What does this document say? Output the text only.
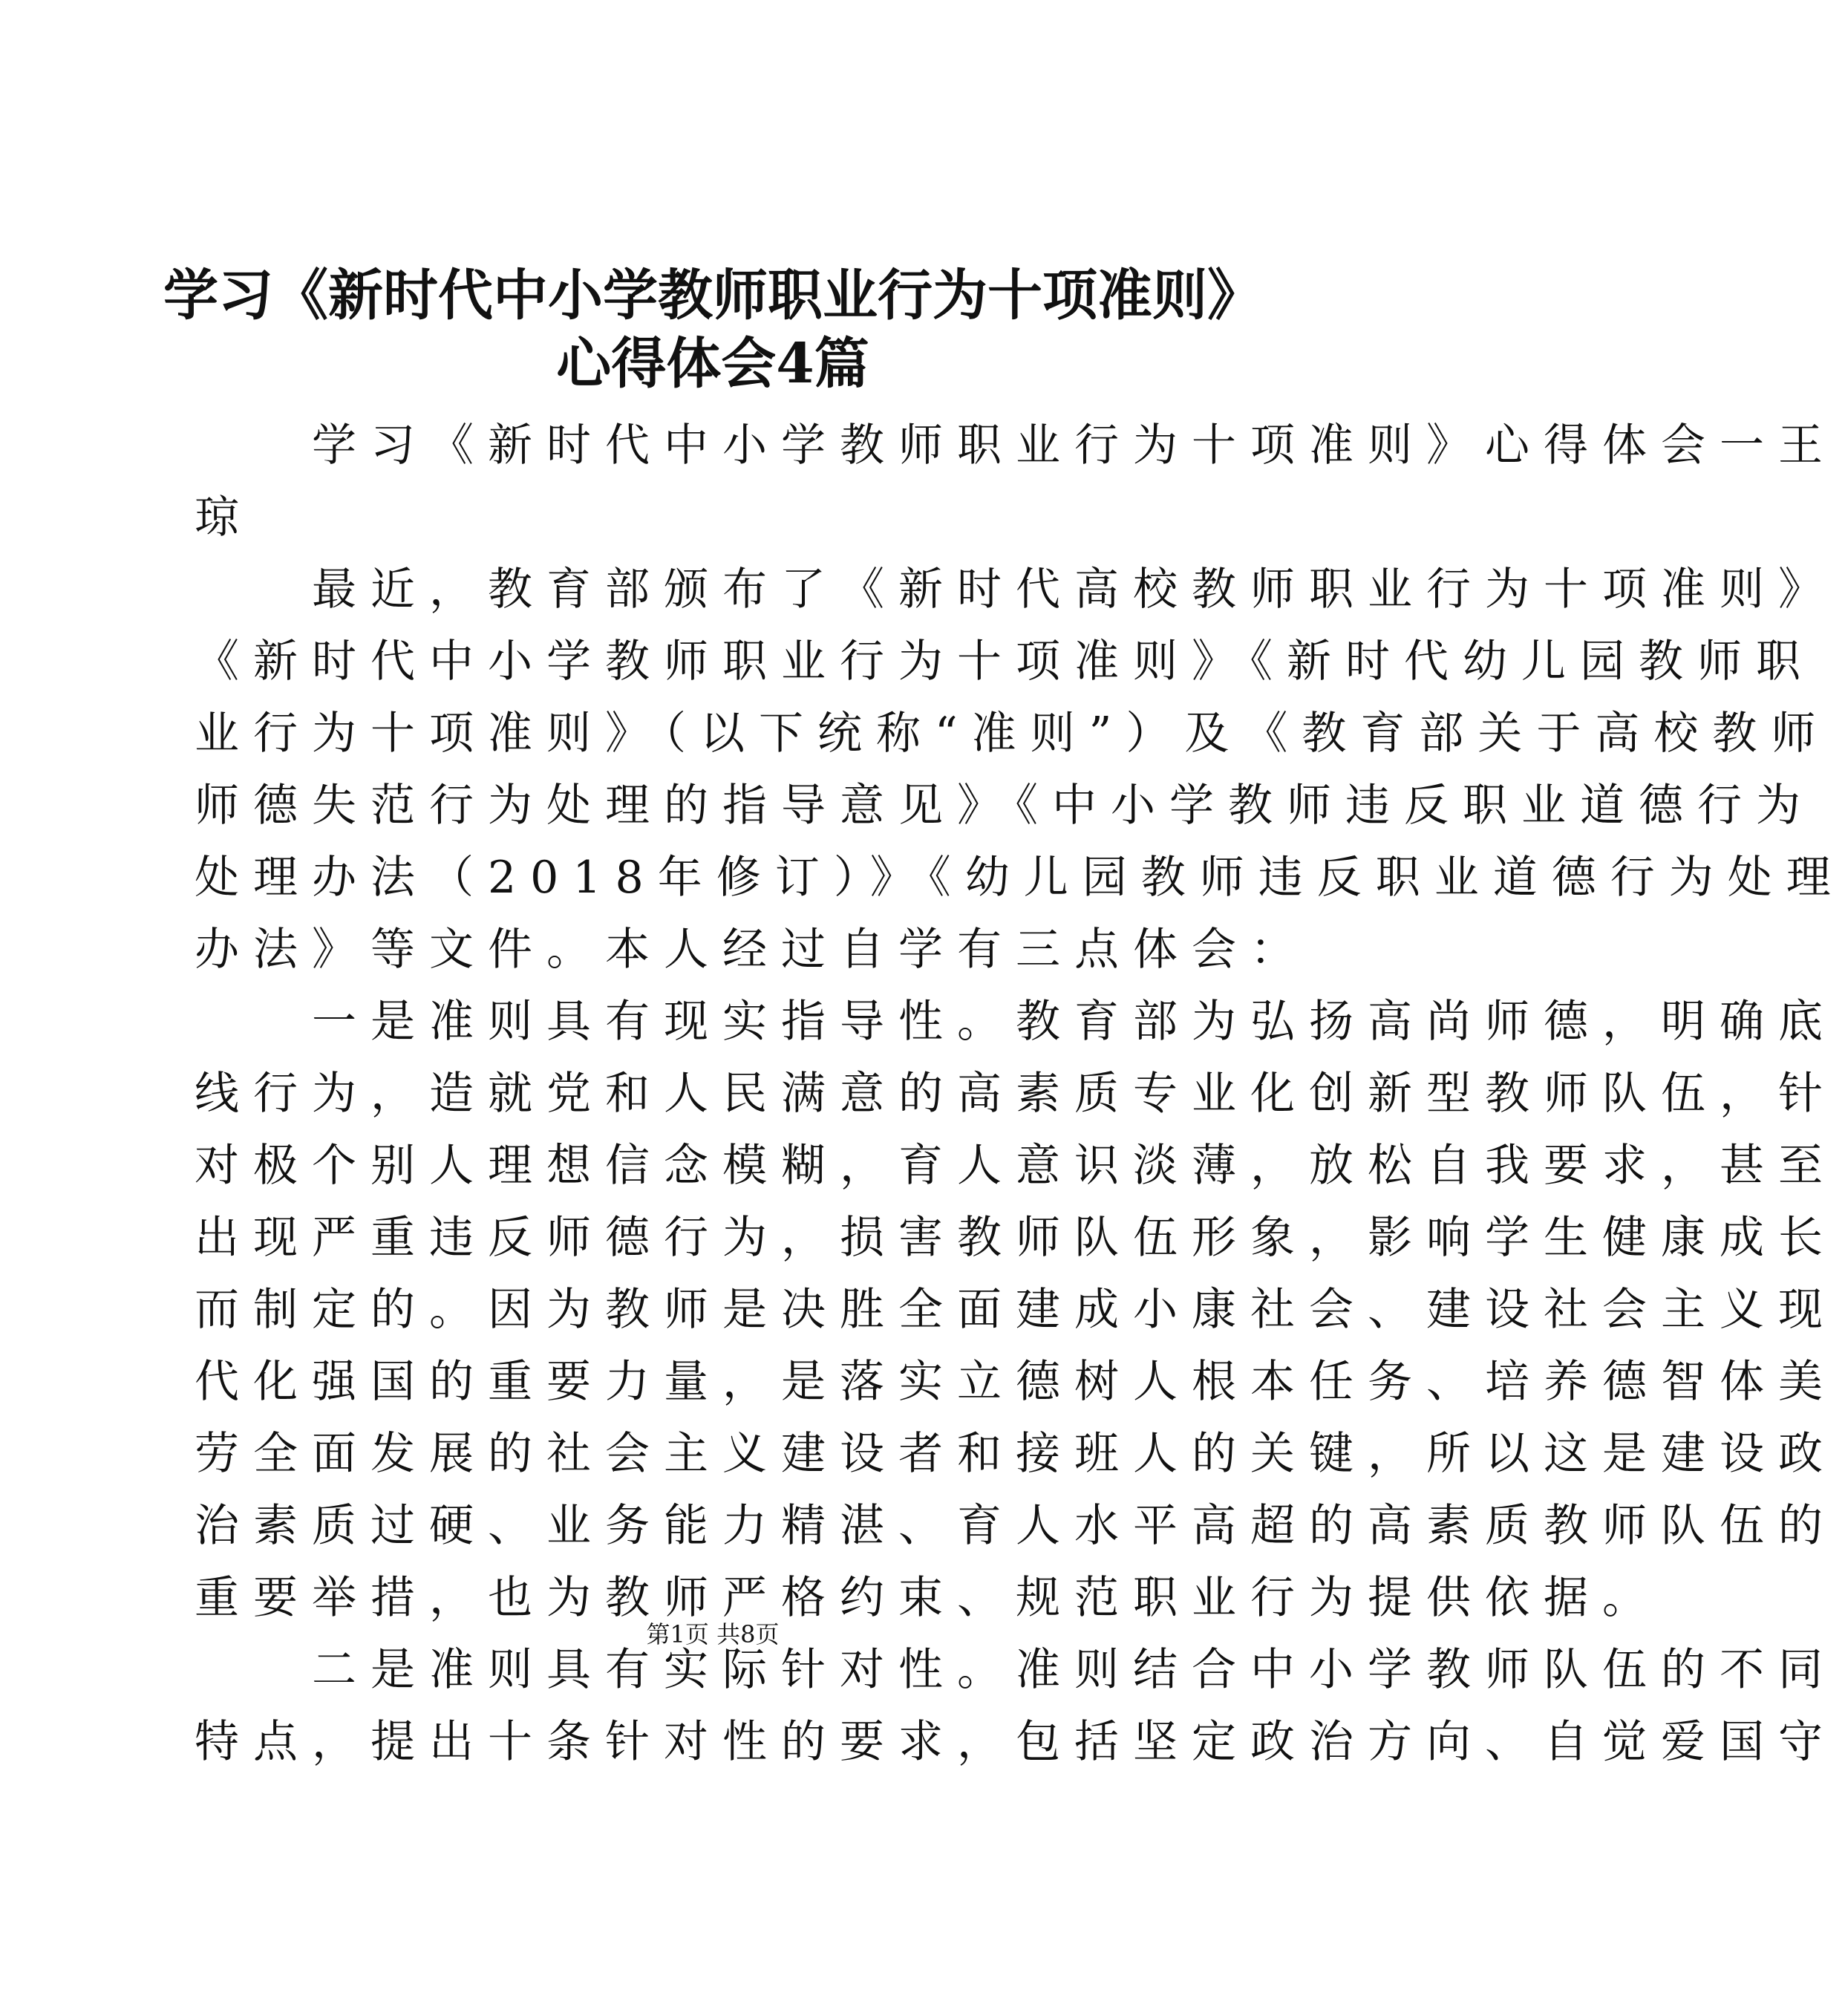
学习《新时代中小学教师职业行为十项准则》
心得体会4篇
学习《新时代中小学教师职业行为十项准则》心得体会一王
琼
最近，教育部颁布了《新时代高校教师职业行为十项准则》
《新时代中小学教师职业行为十项准则》《新时代幼儿园教师职
业行为十项准则》（以下统称“准则”）及《教育部关于高校教师
师德失范行为处理的指导意见》《中小学教师违反职业道德行为
处理办法（2018年修订）》《幼儿园教师违反职业道德行为处理
办法》等文件。本人经过自学有三点体会：
一是准则具有现实指导性。教育部为弘扬高尚师德，明确底
线行为，造就党和人民满意的高素质专业化创新型教师队伍，针
对极个别人理想信念模糊，育人意识淡薄，放松自我要求，甚至
出现严重违反师德行为，损害教师队伍形象，影响学生健康成长
而制定的。因为教师是决胜全面建成小康社会、建设社会主义现
代化强国的重要力量，是落实立德树人根本任务、培养德智体美
劳全面发展的社会主义建设者和接班人的关键，所以这是建设政
治素质过硬、业务能力精湛、育人水平高超的高素质教师队伍的
重要举措，也为教师严格约束、规范职业行为提供依据。
二是准则具有实际针对性。准则结合中小学教师队伍的不同
特点，提出十条针对性的要求，包括坚定政治方向、自觉爱国守
第1页 共8页
